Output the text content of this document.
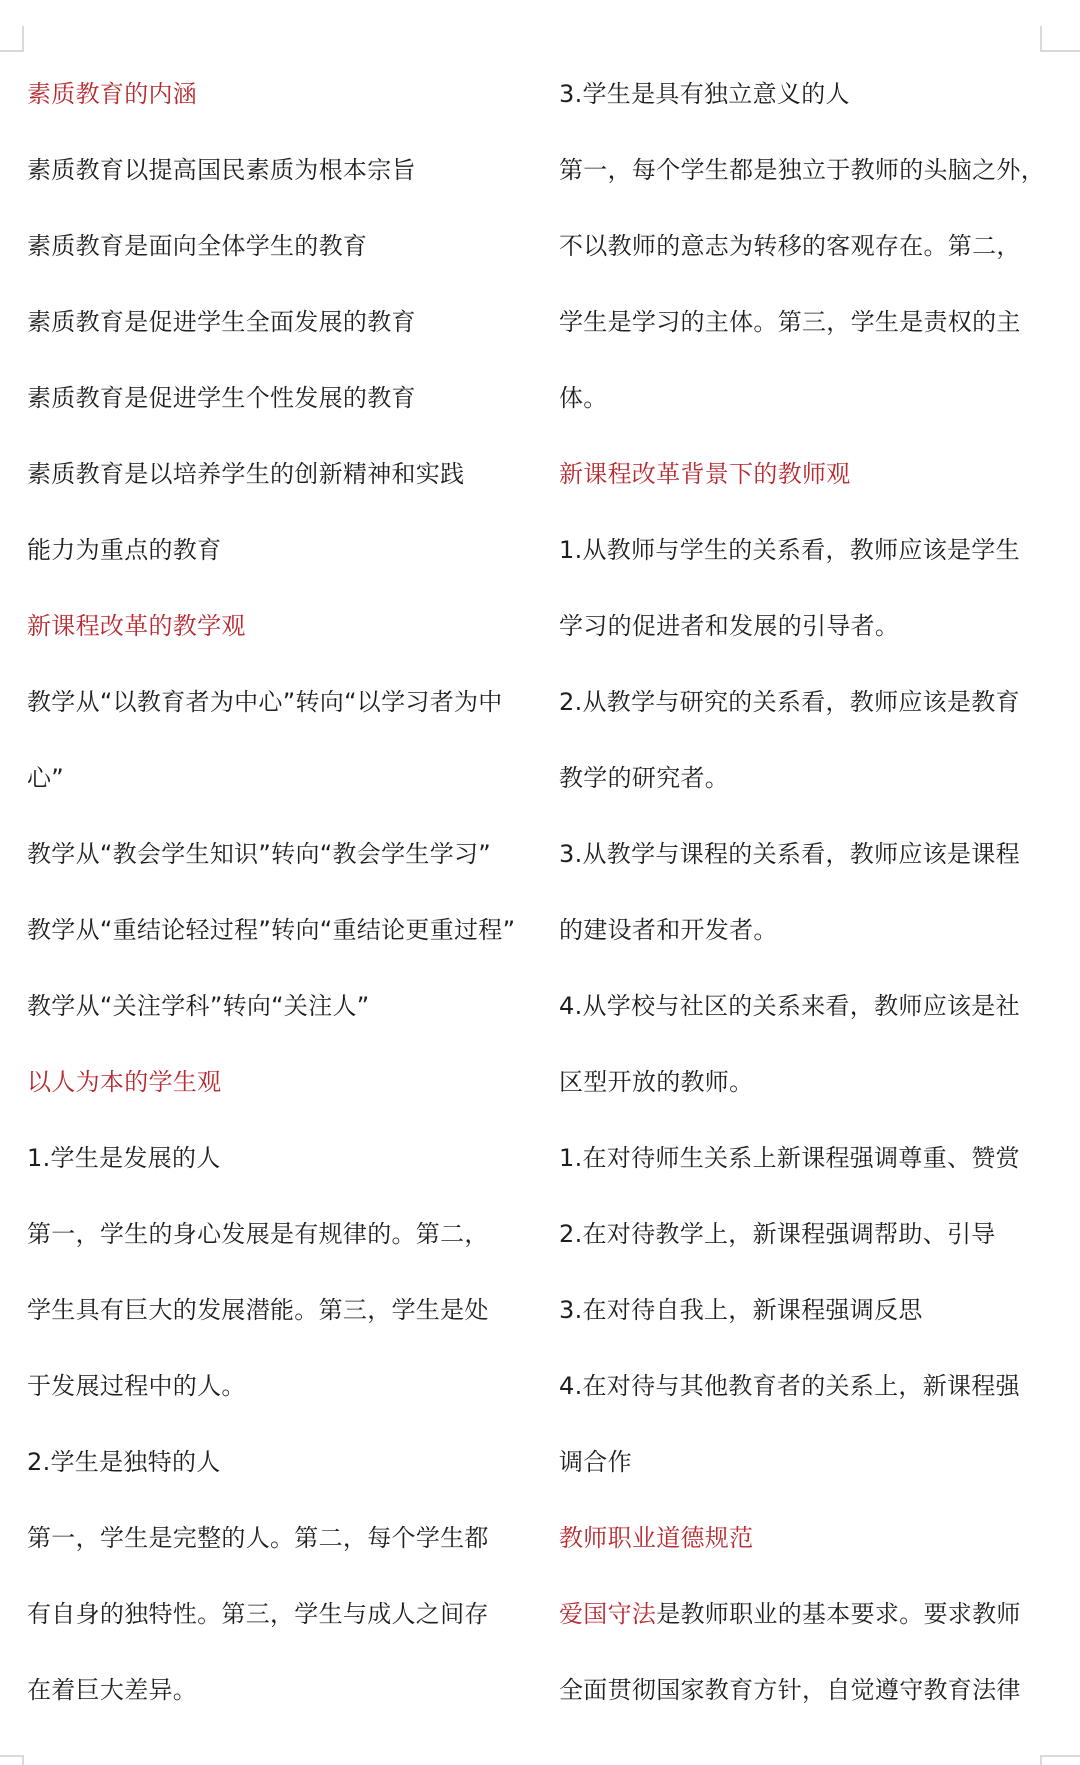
素质教育的内涵
素质教育以提高国民素质为根本宗旨
素质教育是面向全体学生的教育
素质教育是促进学生全面发展的教育
素质教育是促进学生个性发展的教育
素质教育是以培养学生的创新精神和实践
能力为重点的教育
新课程改革的教学观
教学从“以教育者为中心”转向“以学习者为中
心”
教学从“教会学生知识”转向“教会学生学习”
教学从“重结论轻过程”转向“重结论更重过程”
教学从“关注学科”转向“关注人”
以人为本的学生观
1.学生是发展的人
第一，学生的身心发展是有规律的。第二，
学生具有巨大的发展潜能。第三，学生是处
于发展过程中的人。
2.学生是独特的人
第一，学生是完整的人。第二，每个学生都
有自身的独特性。第三，学生与成人之间存
在着巨大差异。
3.学生是具有独立意义的人
第一，每个学生都是独立于教师的头脑之外，
不以教师的意志为转移的客观存在。第二，
学生是学习的主体。第三，学生是责权的主
体。
新课程改革背景下的教师观
1.从教师与学生的关系看，教师应该是学生
学习的促进者和发展的引导者。
2.从教学与研究的关系看，教师应该是教育
教学的研究者。
3.从教学与课程的关系看，教师应该是课程
的建设者和开发者。
4.从学校与社区的关系来看，教师应该是社
区型开放的教师。
1.在对待师生关系上新课程强调尊重、赞赏
2.在对待教学上，新课程强调帮助、引导
3.在对待自我上，新课程强调反思
4.在对待与其他教育者的关系上，新课程强
调合作
教师职业道德规范
爱国守法是教师职业的基本要求。要求教师
全面贯彻国家教育方针，自觉遵守教育法律
